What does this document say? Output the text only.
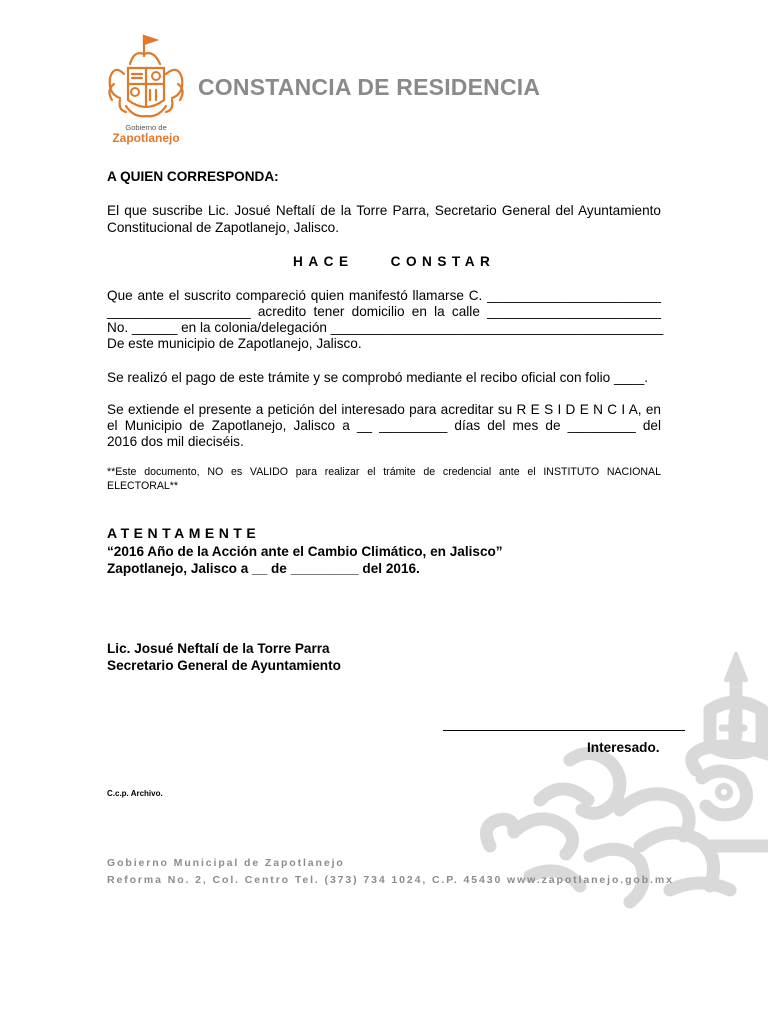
Gobierno de
Zapotlanejo
CONSTANCIA DE RESIDENCIA
A QUIEN CORRESPONDA:
El que suscribe Lic. Josué Neftalí de la Torre Parra, Secretario General del Ayuntamiento
Constitucional de Zapotlanejo, Jalisco.
HACE    CONSTAR
Que ante el suscrito compareció quien manifestó llamarse C. _______________________
___________________ acredito tener domicilio en la calle _______________________
No. ______ en la colonia/delegación ____________________________________________
De este municipio de Zapotlanejo, Jalisco.
Se realizó el pago de este trámite y se comprobó mediante el recibo oficial con folio ____.
Se extiende el presente a petición del interesado para acreditar su R E S I D E N C I A, en
el Municipio de Zapotlanejo, Jalisco a __ _________ días del mes de _________ del
2016 dos mil dieciséis.
**Este documento, NO es VALIDO para realizar el trámite de credencial ante el INSTITUTO NACIONAL
ELECTORAL**
ATENTAMENTE
“2016 Año de la Acción ante el Cambio Climático, en Jalisco”
Zapotlanejo, Jalisco a __ de _________ del 2016.
Lic. Josué Neftalí de la Torre Parra
Secretario General de Ayuntamiento
Interesado.
C.c.p. Archivo.
Gobierno Municipal de Zapotlanejo
Reforma No. 2, Col. Centro Tel. (373) 734 1024, C.P. 45430 www.zapotlanejo.gob.mx
